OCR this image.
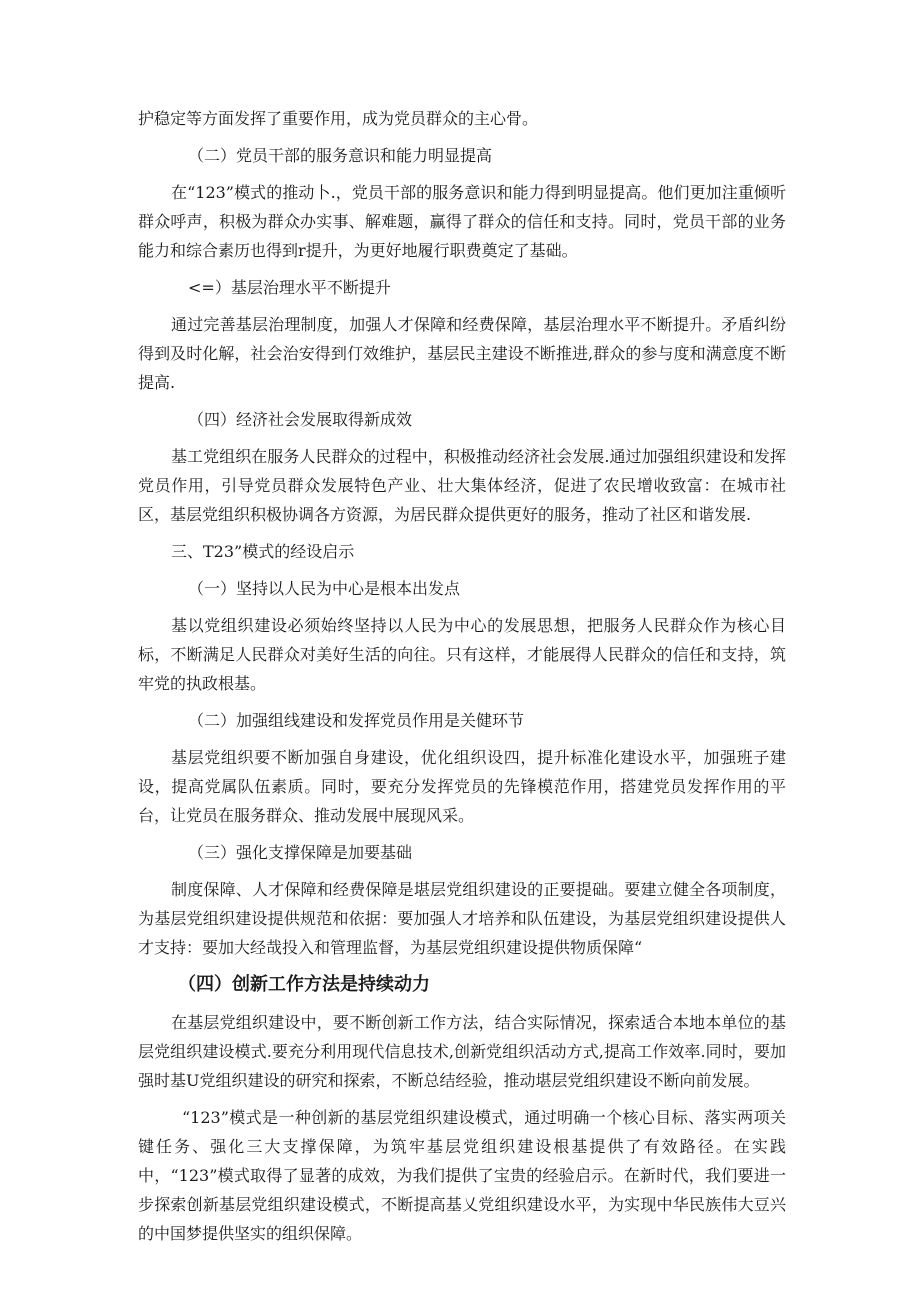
护稳定等方面发挥了重要作用，成为党员群众的主心骨。

（二）党员干部的服务意识和能力明显提高

在“123”模式的推动卜.，党员干部的服务意识和能力得到明显提高。他们更加注重倾听群众呼声，积极为群众办实事、解难题，赢得了群众的信任和支持。同时，党员干部的业务能力和综合素历也得到r提升，为更好地履行职费奠定了基础。

<=）基层治理水平不断提升

通过完善基层治理制度，加强人才保障和经费保障，基层治理水平不断提升。矛盾纠纷得到及时化解，社会治安得到仃效维护，基层民主建设不断推进,群众的参与度和满意度不断提高.

（四）经济社会发展取得新成效

基工党组织在服务人民群众的过程中，积极推动经济社会发展.通过加强组织建设和发挥党员作用，引导党员群众发展特色产业、壮大集体经济，促进了农民增收致富：在城市社区，基层党组织积极协调各方资源，为居民群众提供更好的服务，推动了社区和谐发展.

三、T23”模式的经设启示

（一）坚持以人民为中心是根本出发点

基以党组织建设必须始终坚持以人民为中心的发展思想，把服务人民群众作为核心目标，不断满足人民群众对美好生活的向往。只有这样，才能展得人民群众的信任和支持，筑牢党的执政根基。

（二）加强组线建设和发挥党员作用是关健环节

基层党组织要不断加强自身建设，优化组织设四，提升标准化建设水平，加强班子建设，提高党属队伍素质。同时，要充分发挥党员的先锋模范作用，搭建党员发挥作用的平台，让党员在服务群众、推动发展中展现风采。

（三）强化支撑保障是加要基础

制度保障、人才保障和经费保障是堪层党组织建设的正要提础。要建立健全各项制度，为基层党组织建设提供规范和依据：要加强人才培养和队伍建设，为基层党组织建设提供人才支持：要加大经哉投入和管理监督，为基层党组织建设提供物质保障“

（四）创新工作方法是持续动力

在基层党组织建设中，要不断创新工作方法，结合实际情况，探索适合本地本单位的基层党组织建设模式.要充分利用现代信息技术,创新党组织活动方式,提高工作效率.同时，要加强时基U党组织建设的研究和探索，不断总结经验，推动堪层党组织建设不断向前发展。

“123”模式是一种创新的基层党组织建设模式，通过明确一个核心目标、落实两项关键任务、强化三大支撑保障，为筑牢基层党组织建设根基提供了有效路径。在实践中，“123”模式取得了显著的成效，为我们提供了宝贵的经验启示。在新时代，我们要进一步探索创新基层党组织建设模式，不断提高基乂党组织建设水平，为实现中华民族伟大豆兴的中国梦提供坚实的组织保障。
